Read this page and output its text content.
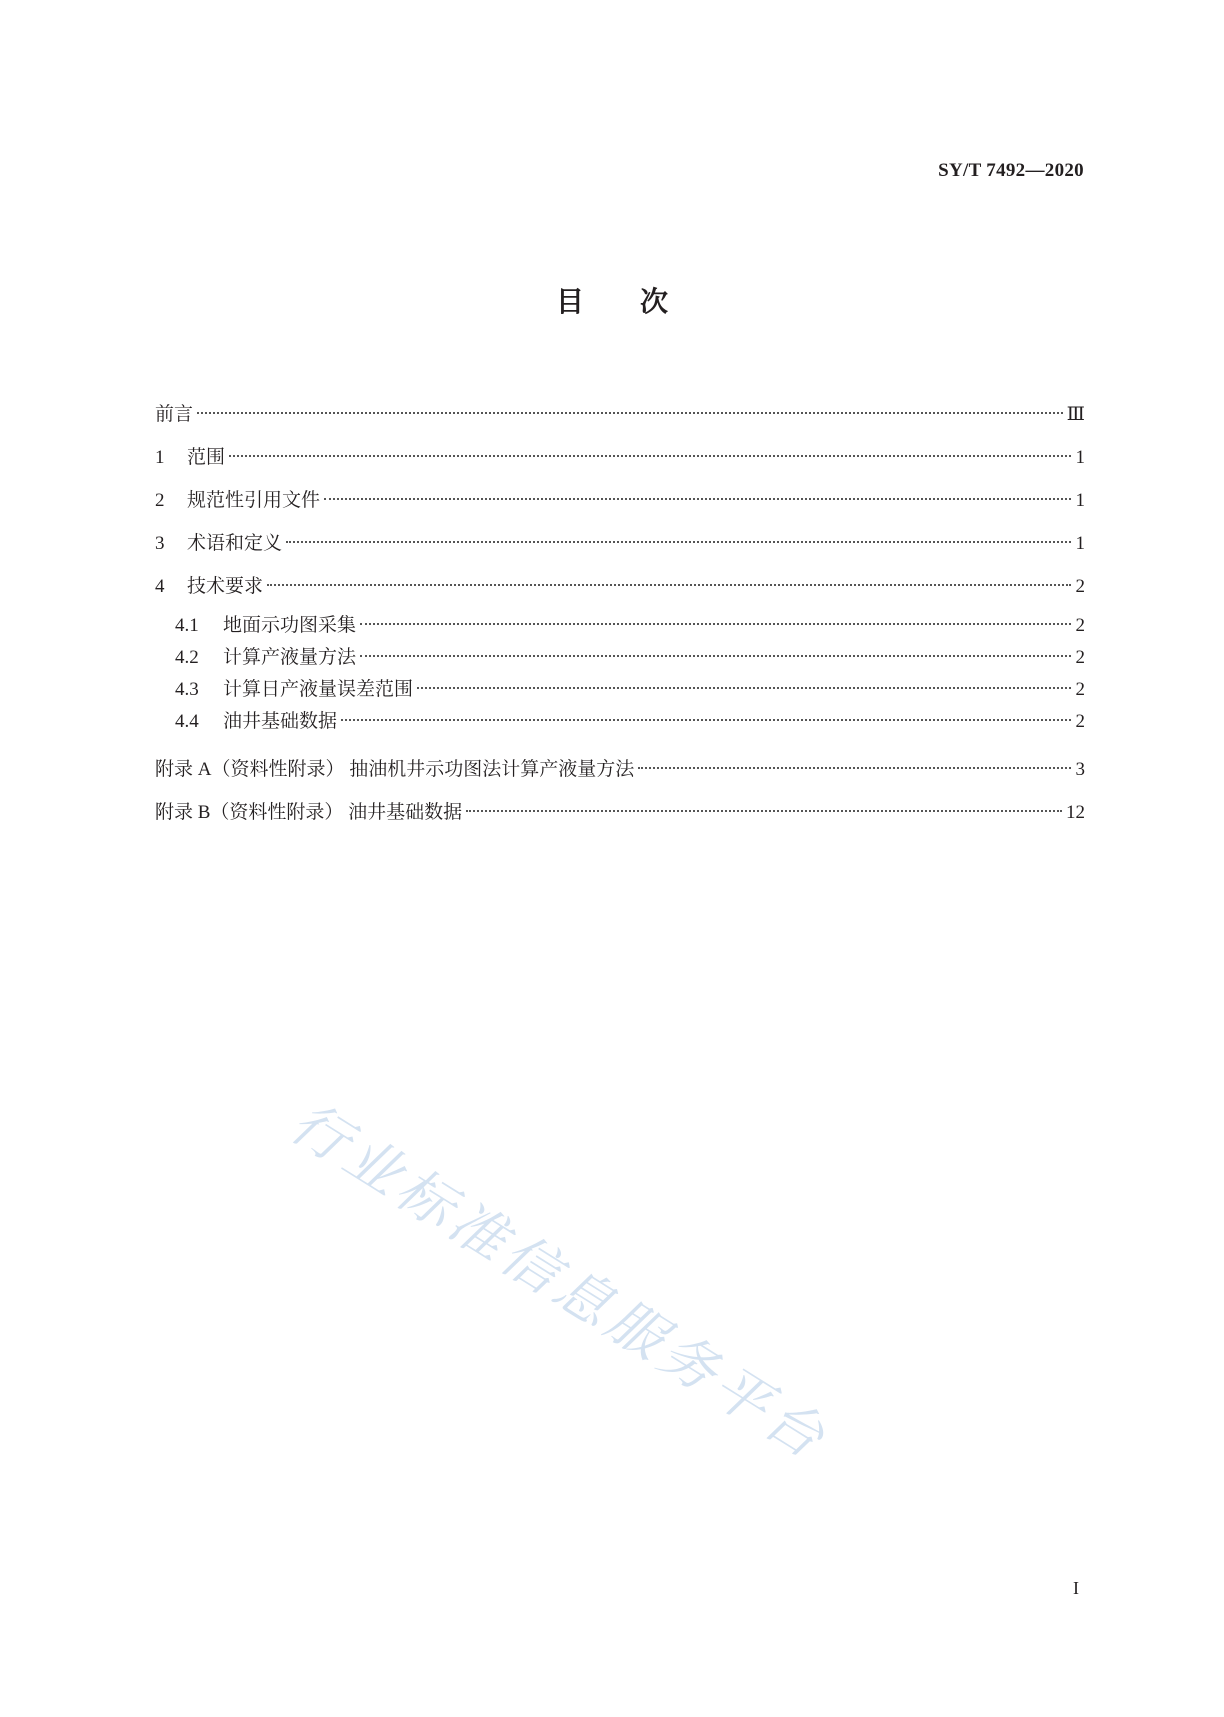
SY/T 7492—2020
目 次
前言	Ⅲ
1	范围	1
2	规范性引用文件	1
3	术语和定义	1
4	技术要求	2
4.1	地面示功图采集	2
4.2	计算产液量方法	2
4.3	计算日产液量误差范围	2
4.4	油井基础数据	2
附录 A（资料性附录） 抽油机井示功图法计算产液量方法	3
附录 B（资料性附录） 油井基础数据	12
行业标准信息服务平台
I
